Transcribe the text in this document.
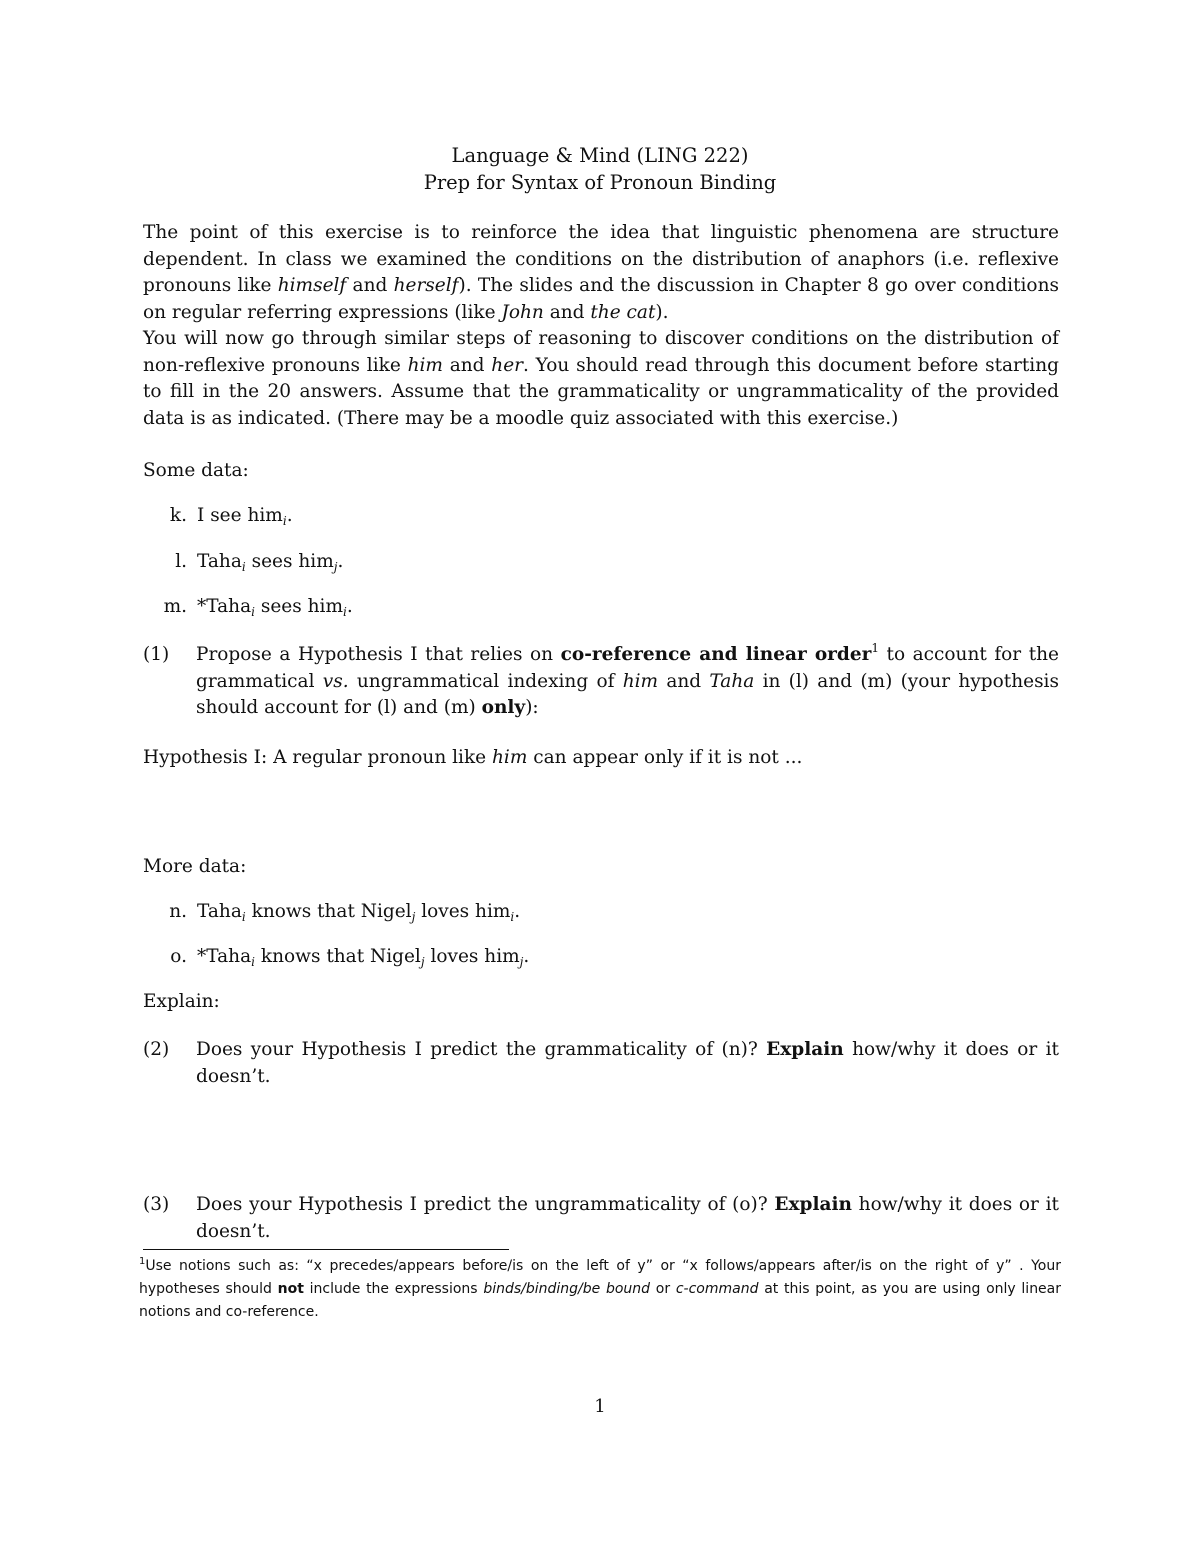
Language & Mind (LING 222)
Prep for Syntax of Pronoun Binding
The point of this exercise is to reinforce the idea that linguistic phenomena are structure dependent. In class we examined the conditions on the distribution of anaphors (i.e. reflexive pronouns like himself and herself). The slides and the discussion in Chapter 8 go over conditions on regular referring expressions (like John and the cat).
You will now go through similar steps of reasoning to discover conditions on the distribution of non-reflexive pronouns like him and her. You should read through this document before starting to fill in the 20 answers. Assume that the grammaticality or ungrammaticality of the provided data is as indicated. (There may be a moodle quiz associated with this exercise.)
Some data:
k. I see him$_i$.
l. Taha$_i$ sees him$_j$.
m. *Taha$_i$ sees him$_i$.
(1) Propose a Hypothesis I that relies on co-reference and linear order$^1$ to account for the grammatical vs. ungrammatical indexing of him and Taha in (l) and (m) (your hypothesis should account for (l) and (m) only):
Hypothesis I: A regular pronoun like him can appear only if it is not ...
More data:
n. Taha$_i$ knows that Nigel$_j$ loves him$_i$.
o. *Taha$_i$ knows that Nigel$_j$ loves him$_j$.
Explain:
(2) Does your Hypothesis I predict the grammaticality of (n)? Explain how/why it does or it doesn’t.
(3) Does your Hypothesis I predict the ungrammaticality of (o)? Explain how/why it does or it doesn’t.
$^1$Use notions such as: “x precedes/appears before/is on the left of y” or “x follows/appears after/is on the right of y” . Your hypotheses should not include the expressions binds/binding/be bound or c-command at this point, as you are using only linear notions and co-reference.
1
